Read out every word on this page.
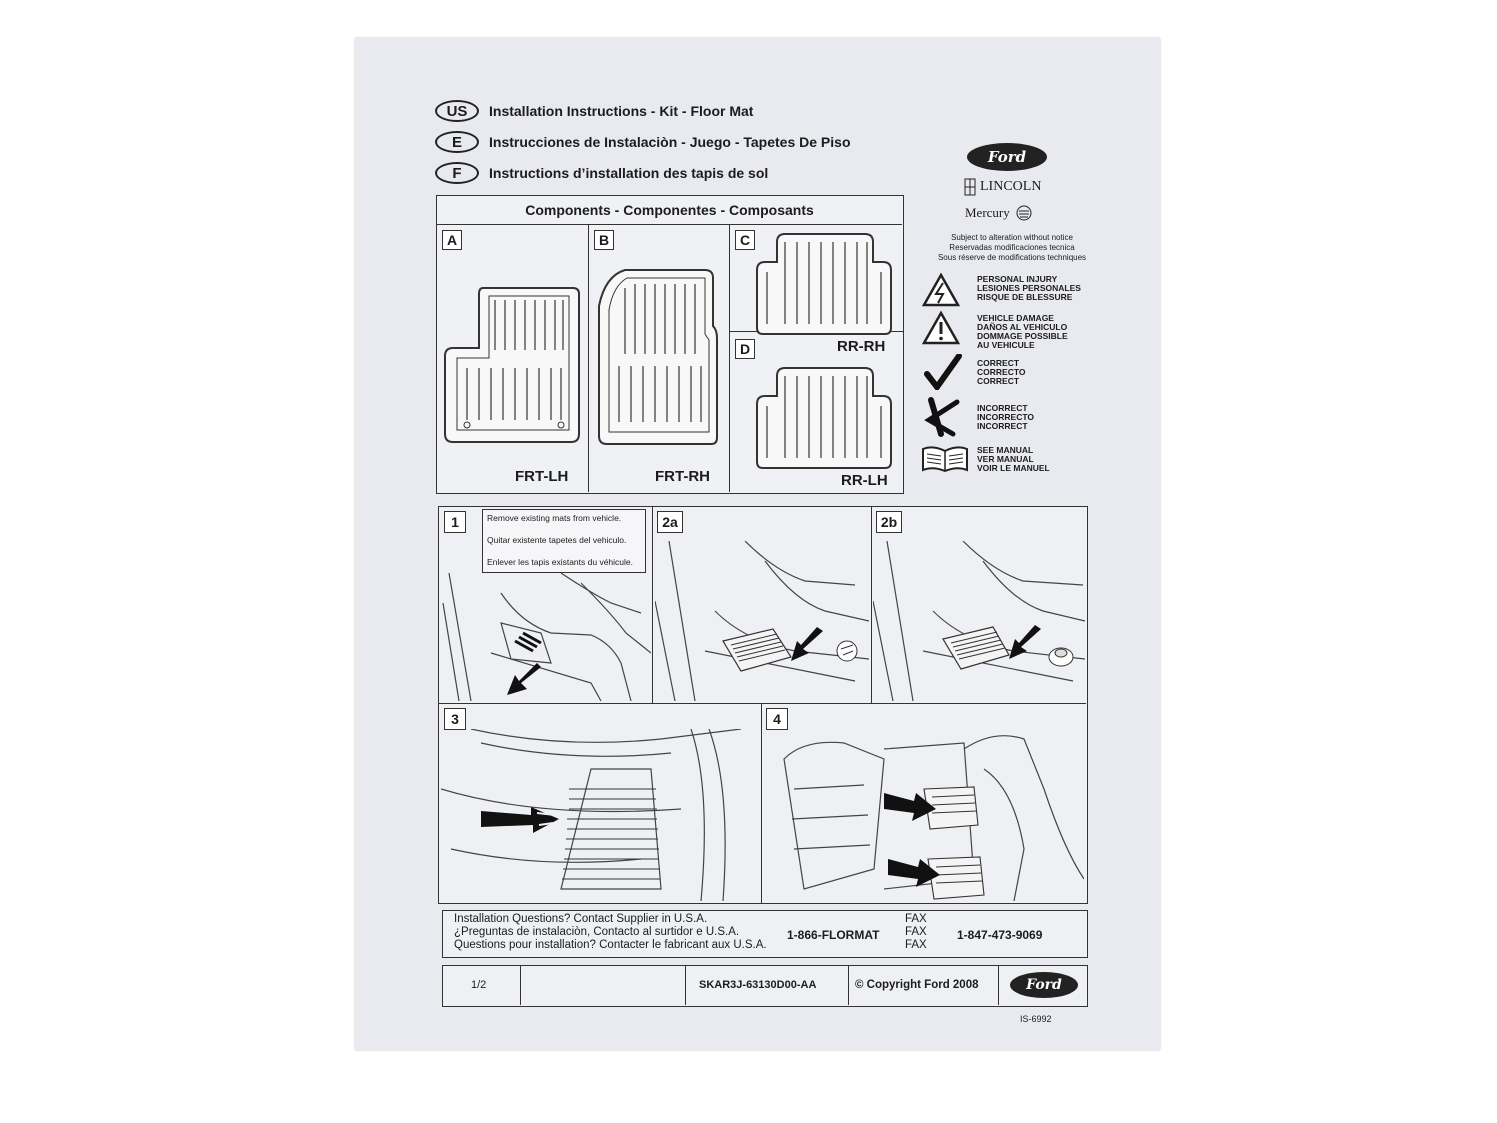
US	Installation Instructions - Kit - Floor Mat
E	Instrucciones de Instalaciòn - Juego - Tapetes De Piso
F	Instructions d’installation des tapis de sol
Ford
LINCOLN
Mercury
Subject to alteration without notice
Reservadas modificaciones tecnica
Sous réserve de modifications techniques
PERSONAL INJURY
LESIONES PERSONALES
RISQUE DE BLESSURE
VEHICLE DAMAGE
DAÑOS AL VEHICULO
DOMMAGE POSSIBLE
AU VEHICULE
CORRECT
CORRECTO
CORRECT
INCORRECT
INCORRECTO
INCORRECT
SEE MANUAL
VER MANUAL
VOIR LE MANUEL
Components - Componentes - Composants
A
FRT-LH
B
FRT-RH
C
RR-RH
D
RR-LH
1	Remove existing mats from vehicle.
Quitar existente tapetes del vehiculo.
Enlever les tapis existants du véhicule.
2a	2b
3	4
Installation Questions? Contact Supplier in U.S.A.
¿Preguntas de instalaciòn, Contacto al surtidor e U.S.A.
Questions pour installation? Contacter le fabricant aux U.S.A.
1-866-FLORMAT
FAX
FAX
FAX
1-847-473-9069
1/2	SKAR3J-63130D00-AA	© Copyright Ford 2008	Ford
IS-6992
